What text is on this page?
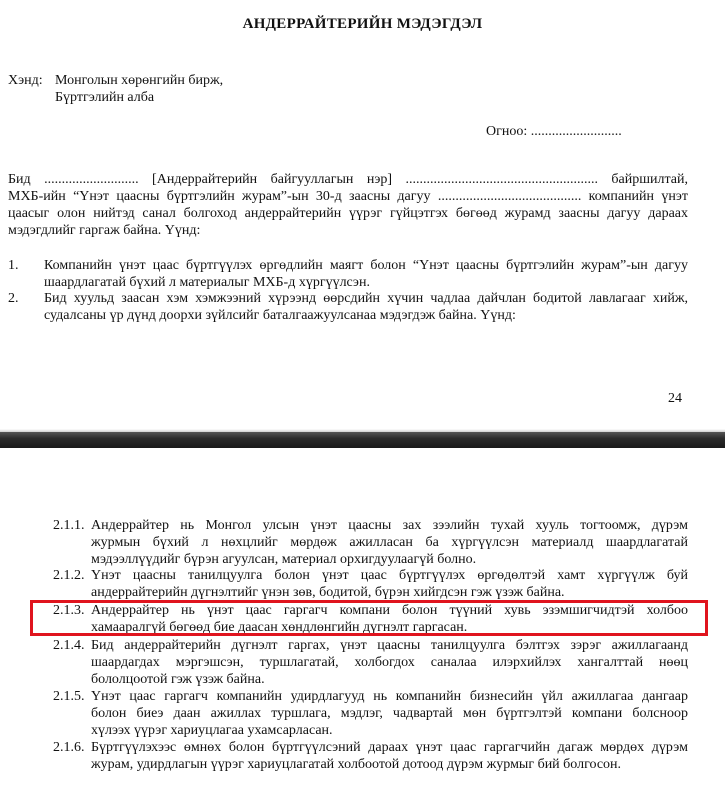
АНДЕРРАЙТЕРИЙН МЭДЭГДЭЛ
Хэнд: Монголын хөрөнгийн бирж,
Бүртгэлийн алба
Огноо: ..........................
Бид ........................... [Андеррайтерийн байгууллагын нэр] ....................................................... байршилтай,
МХБ-ийн “Үнэт цаасны бүртгэлийн журам”-ын 30-д заасны дагуу ......................................... компанийн үнэт
цаасыг олон нийтэд санал болгоход андеррайтерийн үүрэг гүйцэтгэх бөгөөд журамд заасны дагуу дараах
мэдэгдлийг гаргаж байна. Үүнд:
1. Компанийн үнэт цаас бүртгүүлэх өргөдлийн маягт болон “Үнэт цаасны бүртгэлийн журам”-ын дагуу
шаардлагатай бүхий л материалыг МХБ-д хүргүүлсэн.
2. Бид хуульд заасан хэм хэмжээний хүрээнд өөрсдийн хүчин чадлаа дайчлан бодитой лавлагааг хийж,
судалсаны үр дүнд доорхи зүйлсийг баталгаажуулсанаа мэдэгдэж байна. Үүнд:
24
2.1.1. Андеррайтер нь Монгол улсын үнэт цаасны зах зээлийн тухай хууль тогтоомж, дүрэм
журмын бүхий л нөхцлийг мөрдөж ажиллаcан ба хүргүүлсэн материалд шаардлагатай
мэдээллүүдийг бүрэн агуулсан, материал орхигдуулаагүй болно.
2.1.2. Үнэт цаасны танилцуулга болон үнэт цаас бүртгүүлэх өргөдөлтэй хамт хүргүүлж буй
андеррайтерийн дүгнэлтийг үнэн зөв, бодитой, бүрэн хийгдсэн гэж үзэж байна.
2.1.3. Андеррайтер нь үнэт цаас гаргагч компани болон түүний хувь эзэмшигчидтэй холбоо
хамааралгүй бөгөөд бие даасан хөндлөнгийн дүгнэлт гаргасан.
2.1.4. Бид андеррайтерийн дүгнэлт гаргах, үнэт цаасны танилцуулга бэлтгэх зэрэг ажиллагаанд
шаардагдах мэргэшсэн, туршлагатай, холбогдох саналаа илэрхийлэх хангалттай нөөц
бололцоотой гэж үзэж байна.
2.1.5. Үнэт цаас гаргагч компанийн удирдлагууд нь компанийн бизнесийн үйл ажиллагаа дангаар
болон биеэ даан ажиллах туршлага, мэдлэг, чадвартай мөн бүртгэлтэй компани болсноор
хүлээх үүрэг хариуцлагаа ухамсарласан.
2.1.6. Бүртгүүлэхээс өмнөх болон бүртгүүлсэний дараах үнэт цаас гаргагчийн дагаж мөрдөх дүрэм
журам, удирдлагын үүрэг хариуцлагатай холбоотой дотоод дүрэм журмыг бий болгосон.
